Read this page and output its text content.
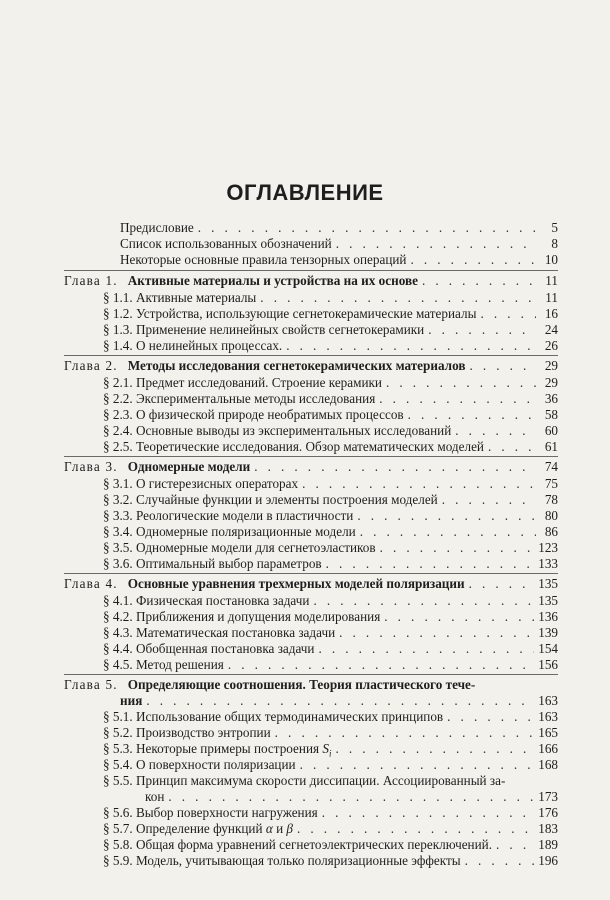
ОГЛАВЛЕНИЕ
Предисловие . . .	5
Список использованных обозначений . . .	8
Некоторые основные правила тензорных операций . . .	10
Глава 1. Активные материалы и устройства на их основе . . .	11
§ 1.1. Активные материалы . . .	11
§ 1.2. Устройства, использующие сегнетокерамические материалы . . .	16
§ 1.3. Применение нелинейных свойств сегнетокерамики . . .	24
§ 1.4. О нелинейных процессах. . . .	26
Глава 2. Методы исследования сегнетокерамических материалов . . .	29
§ 2.1. Предмет исследований. Строение керамики . . .	29
§ 2.2. Экспериментальные методы исследования . . .	36
§ 2.3. О физической природе необратимых процессов . . .	58
§ 2.4. Основные выводы из экспериментальных исследований . . .	60
§ 2.5. Теоретические исследования. Обзор математических моделей . . .	61
Глава 3. Одномерные модели . . .	74
§ 3.1. О гистерезисных операторах . . .	75
§ 3.2. Случайные функции и элементы построения моделей . . .	78
§ 3.3. Реологические модели в пластичности . . .	80
§ 3.4. Одномерные поляризационные модели . . .	86
§ 3.5. Одномерные модели для сегнетоэластиков . . .	123
§ 3.6. Оптимальный выбор параметров . . .	133
Глава 4. Основные уравнения трехмерных моделей поляризации . . .	135
§ 4.1. Физическая постановка задачи . . .	135
§ 4.2. Приближения и допущения моделирования . . .	136
§ 4.3. Математическая постановка задачи . . .	139
§ 4.4. Обобщенная постановка задачи . . .	154
§ 4.5. Метод решения . . .	156
Глава 5. Определяющие соотношения. Теория пластического тече-
ния . . .	163
§ 5.1. Использование общих термодинамических принципов . . .	163
§ 5.2. Производство энтропии . . .	165
§ 5.3. Некоторые примеры построения $S_i$ . . .	166
§ 5.4. О поверхности поляризации . . .	168
§ 5.5. Принцип максимума скорости диссипации. Ассоциированный за-
кон . . .	173
§ 5.6. Выбор поверхности нагружения . . .	176
§ 5.7. Определение функций α и β . . .	183
§ 5.8. Общая форма уравнений сегнетоэлектрических переключений. . . .	189
§ 5.9. Модель, учитывающая только поляризационные эффекты . . .	196
